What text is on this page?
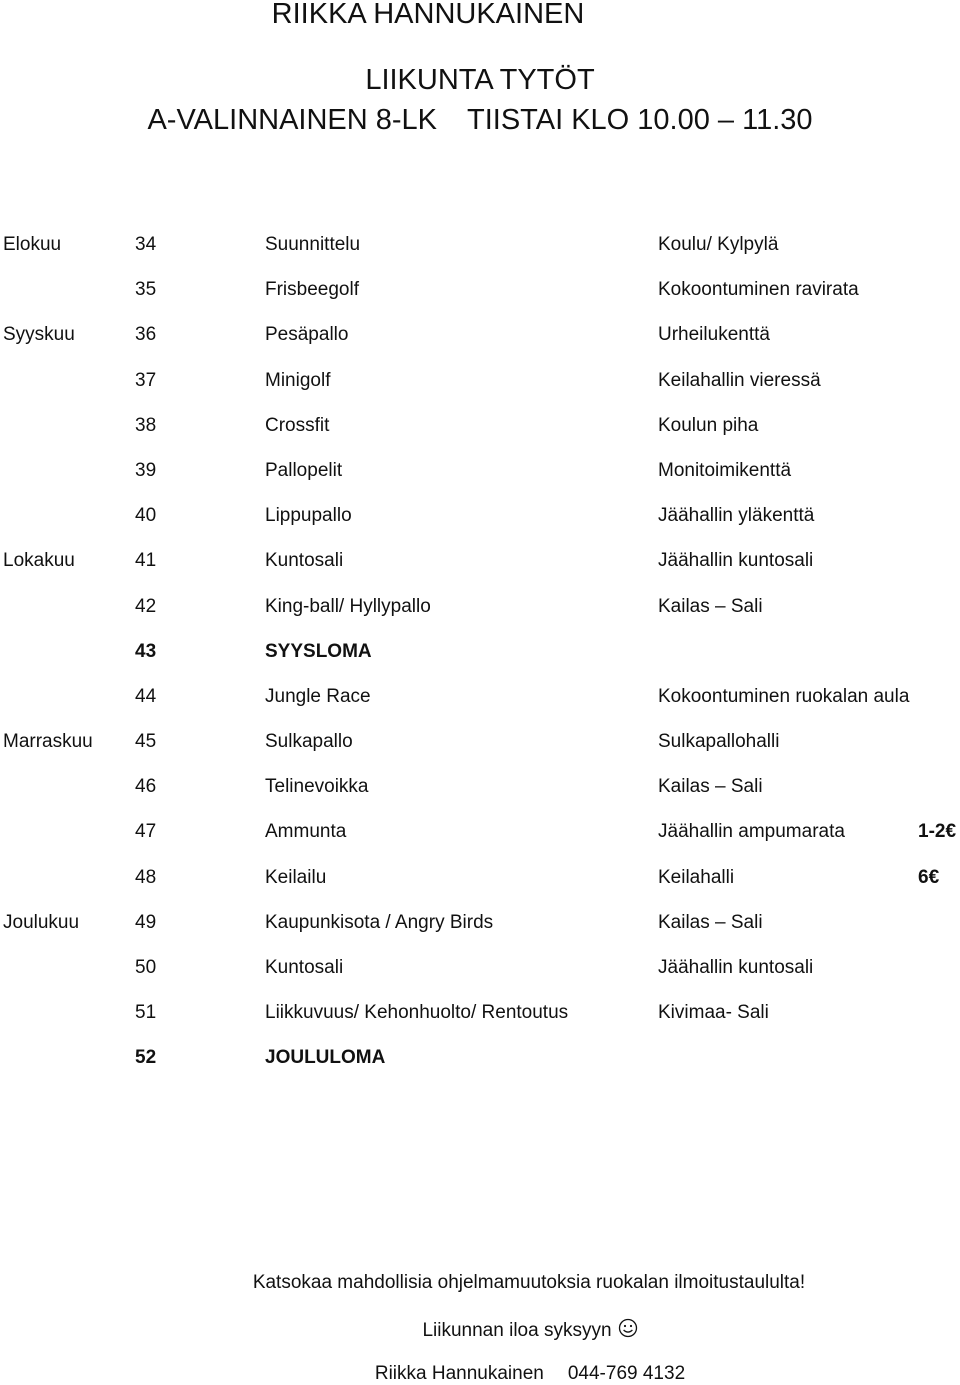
RIIKKA HANNUKAINEN
LIIKUNTA TYTÖT
A-VALINNAINEN 8-LK TIISTAI KLO 10.00 – 11.30
Elokuu	34	Suunnittelu	Koulu/ Kylpylä
35	Frisbeegolf	Kokoontuminen ravirata
Syyskuu	36	Pesäpallo	Urheilukenttä
37	Minigolf	Keilahallin vieressä
38	Crossfit	Koulun piha
39	Pallopelit	Monitoimikenttä
40	Lippupallo	Jäähallin yläkenttä
Lokakuu	41	Kuntosali	Jäähallin kuntosali
42	King-ball/ Hyllypallo	Kailas – Sali
43	SYYSLOMA
44	Jungle Race	Kokoontuminen ruokalan aula
Marraskuu 45	Sulkapallo	Sulkapallohalli
46	Telinevoikka	Kailas – Sali
47	Ammunta	Jäähallin ampumarata	1-2€
48	Keilailu	Keilahalli	6€
Joulukuu	49	Kaupunkisota / Angry Birds	Kailas – Sali
50	Kuntosali	Jäähallin kuntosali
51	Liikkuvuus/ Kehonhuolto/ Rentoutus	Kivimaa- Sali
52	JOULULOMA
Katsokaa mahdollisia ohjelmamuutoksia ruokalan ilmoitustaululta!
Liikunnan iloa syksyyn
Riikka Hannukainen 044-769 4132
